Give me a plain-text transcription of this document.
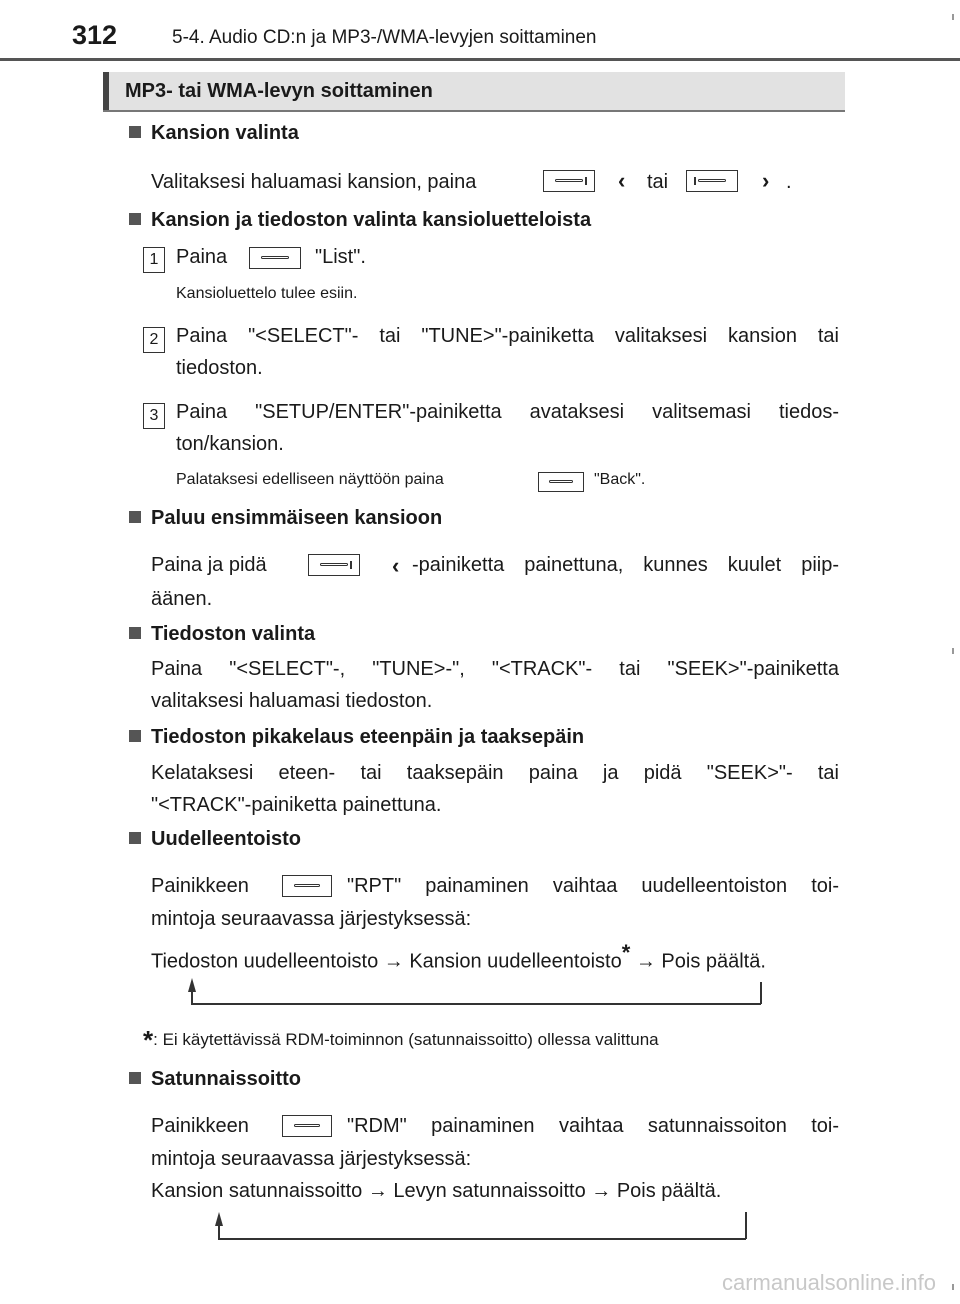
312	5-4. Audio CD:n ja MP3-/WMA-levyjen soittaminen
MP3- tai WMA-levyn soittaminen
Kansion valinta
Valitaksesi haluamasi kansion, paina	‹ tai	› .
Kansion ja tiedoston valinta kansioluetteloista
1 Paina	"List".
Kansioluettelo tulee esiin.
2 Paina "<SELECT"- tai "TUNE>"-painiketta valitaksesi kansion tai
tiedoston.
3 Paina "SETUP/ENTER"-painiketta avataksesi valitsemasi tiedos-
ton/kansion.
Palataksesi edelliseen näyttöön paina	"Back".
Paluu ensimmäiseen kansioon
Paina ja pidä	‹ -painiketta painettuna, kunnes kuulet piip-
äänen.
Tiedoston valinta
Paina "<SELECT"-, "TUNE>-", "<TRACK"- tai "SEEK>"-painiketta
valitaksesi haluamasi tiedoston.
Tiedoston pikakelaus eteenpäin ja taaksepäin
Kelataksesi eteen- tai taaksepäin paina ja pidä "SEEK>"- tai
"<TRACK"-painiketta painettuna.
Uudelleentoisto
Painikkeen	"RPT" painaminen vaihtaa uudelleentoiston toi-
mintoja seuraavassa järjestyksessä:
Tiedoston uudelleentoisto → Kansion uudelleentoisto* → Pois päältä.
*: Ei käytettävissä RDM-toiminnon (satunnaissoitto) ollessa valittuna
Satunnaissoitto
Painikkeen	"RDM" painaminen vaihtaa satunnaissoiton toi-
mintoja seuraavassa järjestyksessä:
Kansion satunnaissoitto → Levyn satunnaissoitto → Pois päältä.
carmanualsonline.info
